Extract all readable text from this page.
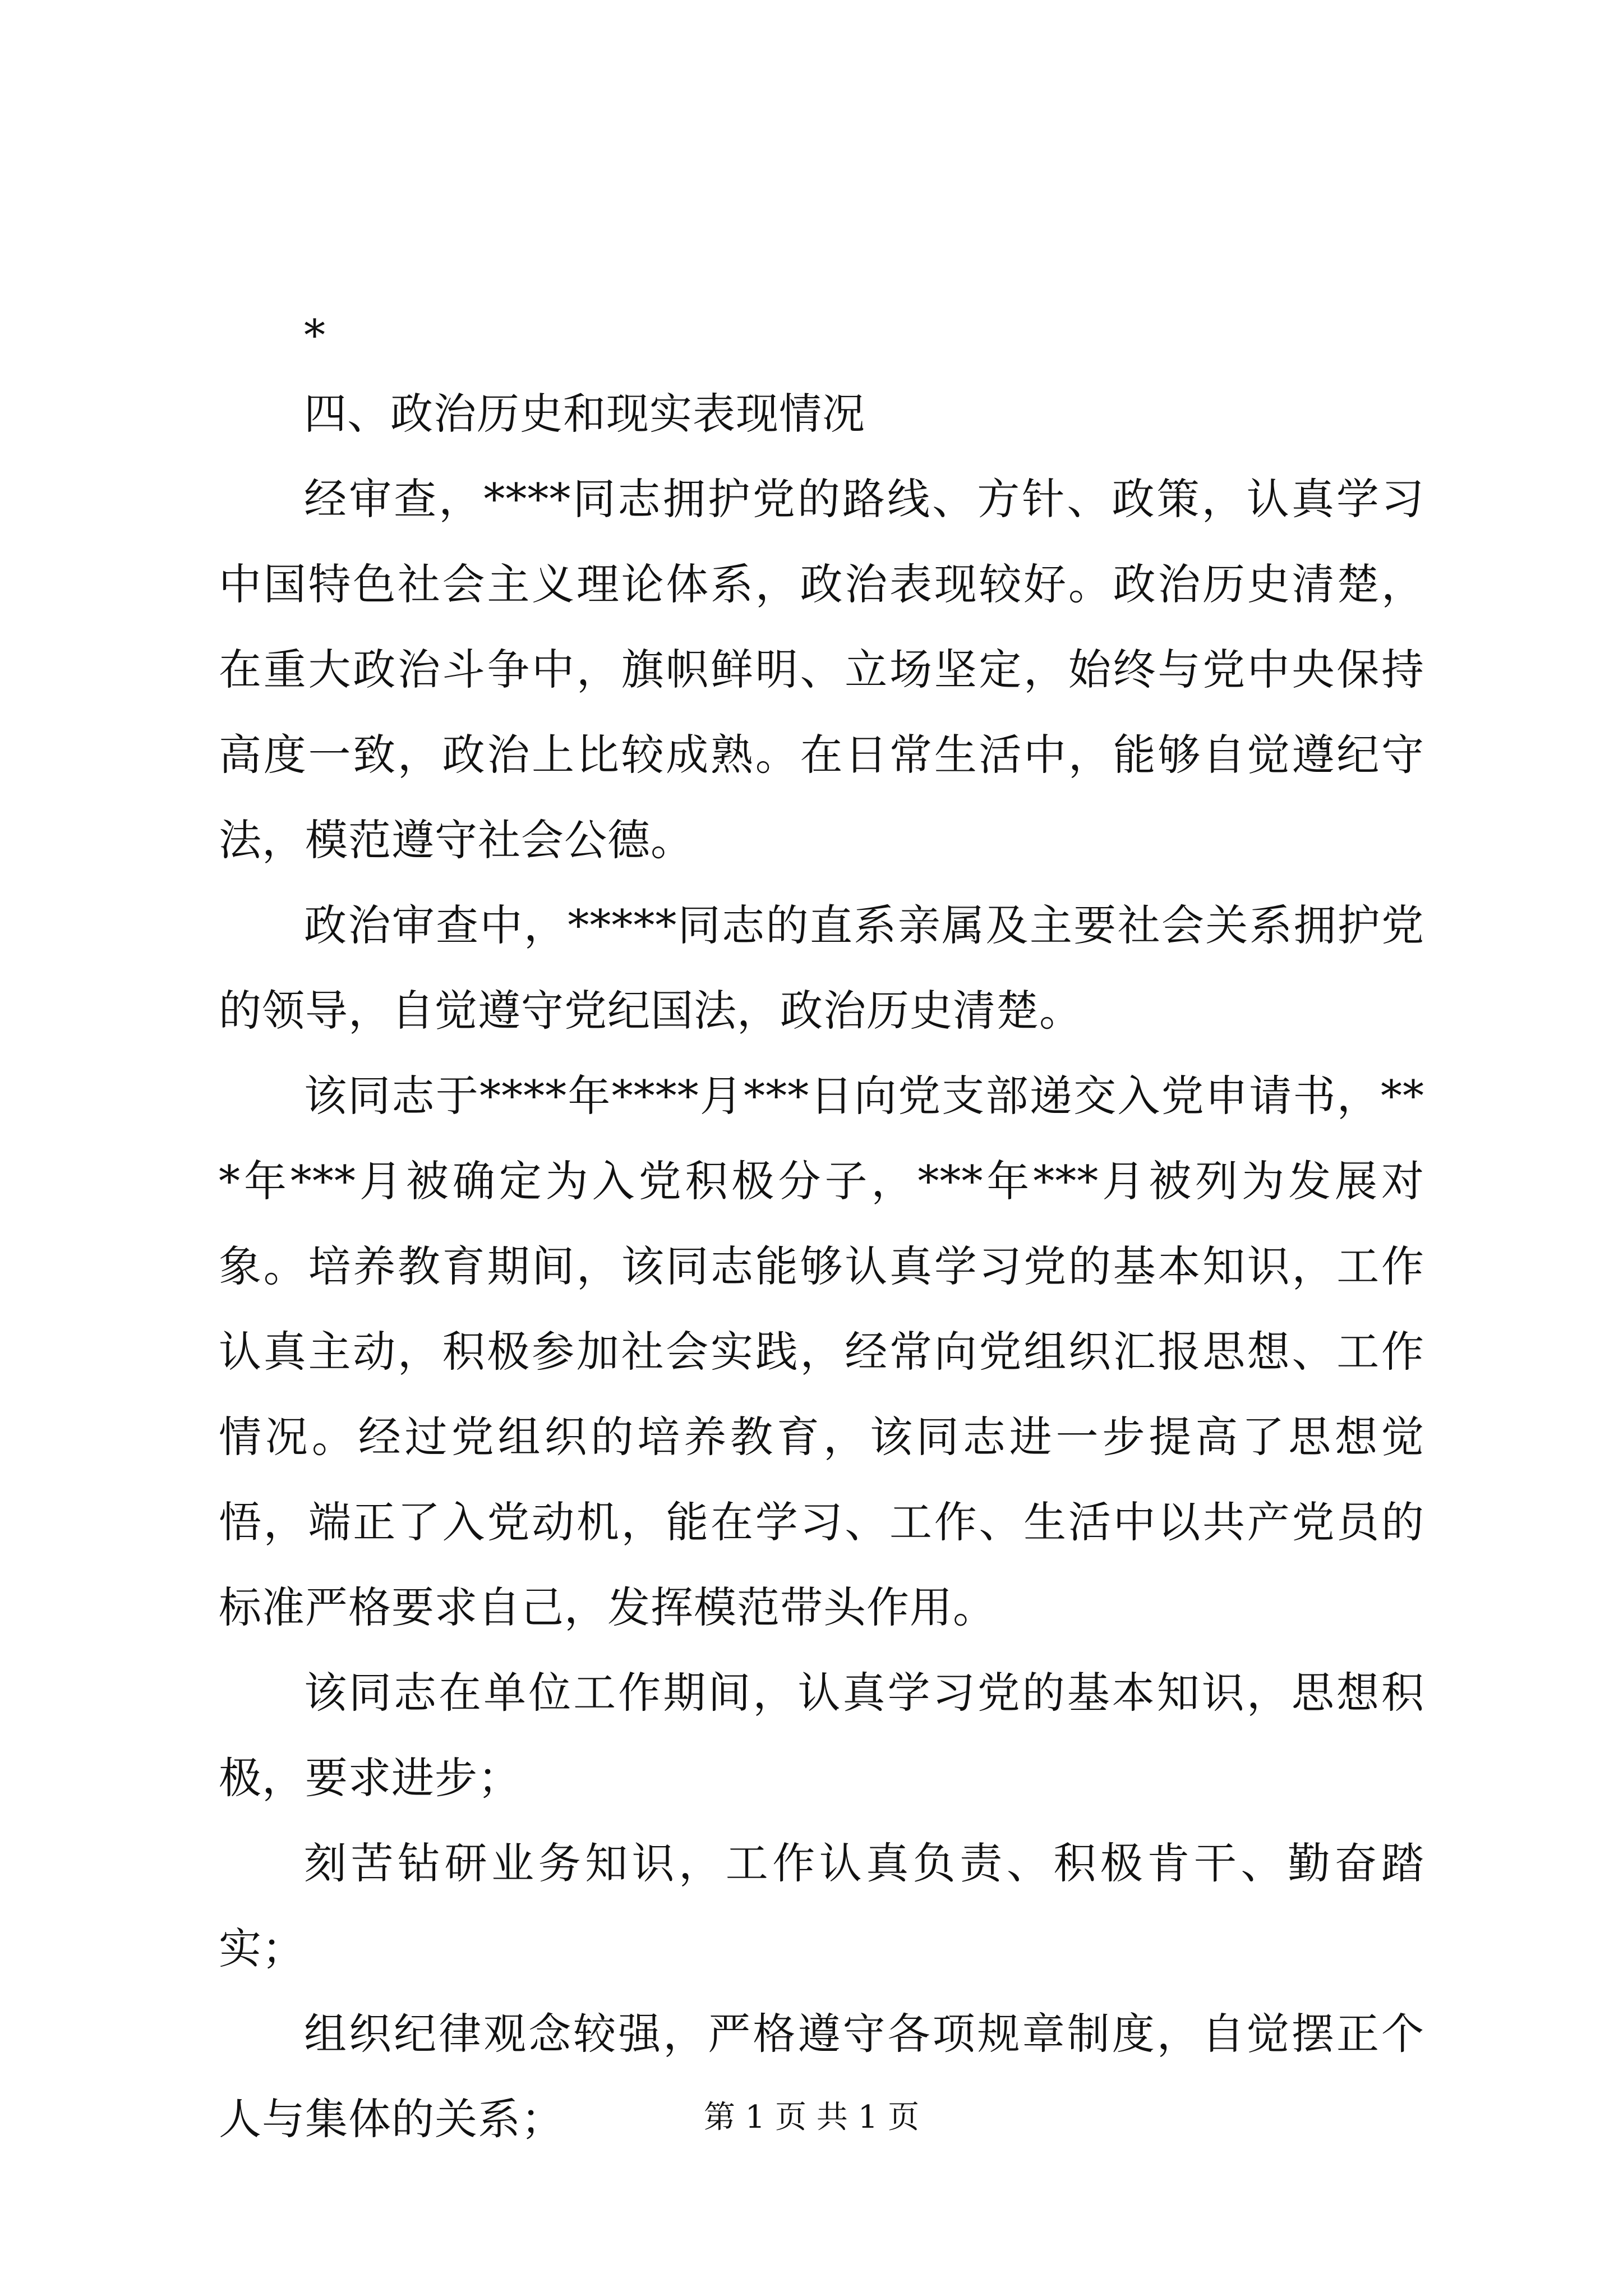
*

四、政治历史和现实表现情况

经审查，****同志拥护党的路线、方针、政策，认真学习中国特色社会主义理论体系，政治表现较好。政治历史清楚，在重大政治斗争中，旗帜鲜明、立场坚定，始终与党中央保持高度一致，政治上比较成熟。在日常生活中，能够自觉遵纪守法，模范遵守社会公德。

政治审查中，*****同志的直系亲属及主要社会关系拥护党的领导，自觉遵守党纪国法，政治历史清楚。

该同志于****年****月***日向党支部递交入党申请书，***年***月被确定为入党积极分子，***年***月被列为发展对象。培养教育期间，该同志能够认真学习党的基本知识，工作认真主动，积极参加社会实践，经常向党组织汇报思想、工作情况。经过党组织的培养教育，该同志进一步提高了思想觉悟，端正了入党动机，能在学习、工作、生活中以共产党员的标准严格要求自己，发挥模范带头作用。

该同志在单位工作期间，认真学习党的基本知识，思想积极，要求进步；

刻苦钻研业务知识，工作认真负责、积极肯干、勤奋踏实；

组织纪律观念较强，严格遵守各项规章制度，自觉摆正个人与集体的关系；	第 1 页 共 1 页
